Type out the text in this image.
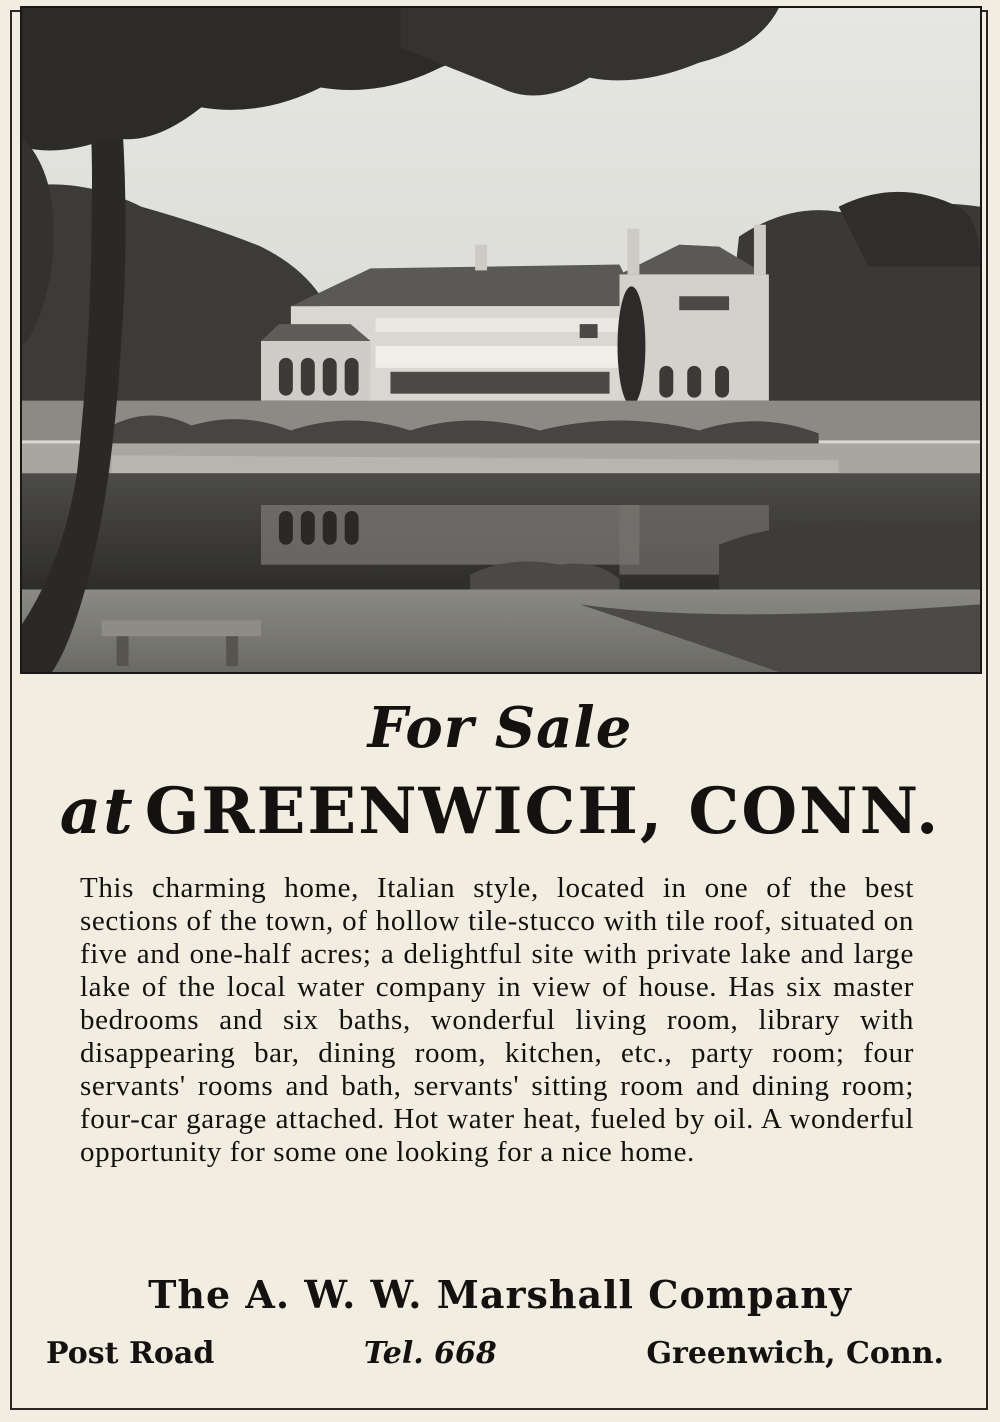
For Sale
at GREENWICH, CONN.
This charming home, Italian style, located in one of the best sections of the town, of hollow tile-stucco with tile roof, situated on five and one-half acres; a delightful site with private lake and large lake of the local water company in view of house. Has six master bedrooms and six baths, wonderful living room, library with disappearing bar, dining room, kitchen, etc., party room; four servants' rooms and bath, servants' sitting room and dining room; four-car garage attached. Hot water heat, fueled by oil. A wonderful opportunity for some one looking for a nice home.
The A. W. W. Marshall Company
Post Road	Tel. 668	Greenwich, Conn.
